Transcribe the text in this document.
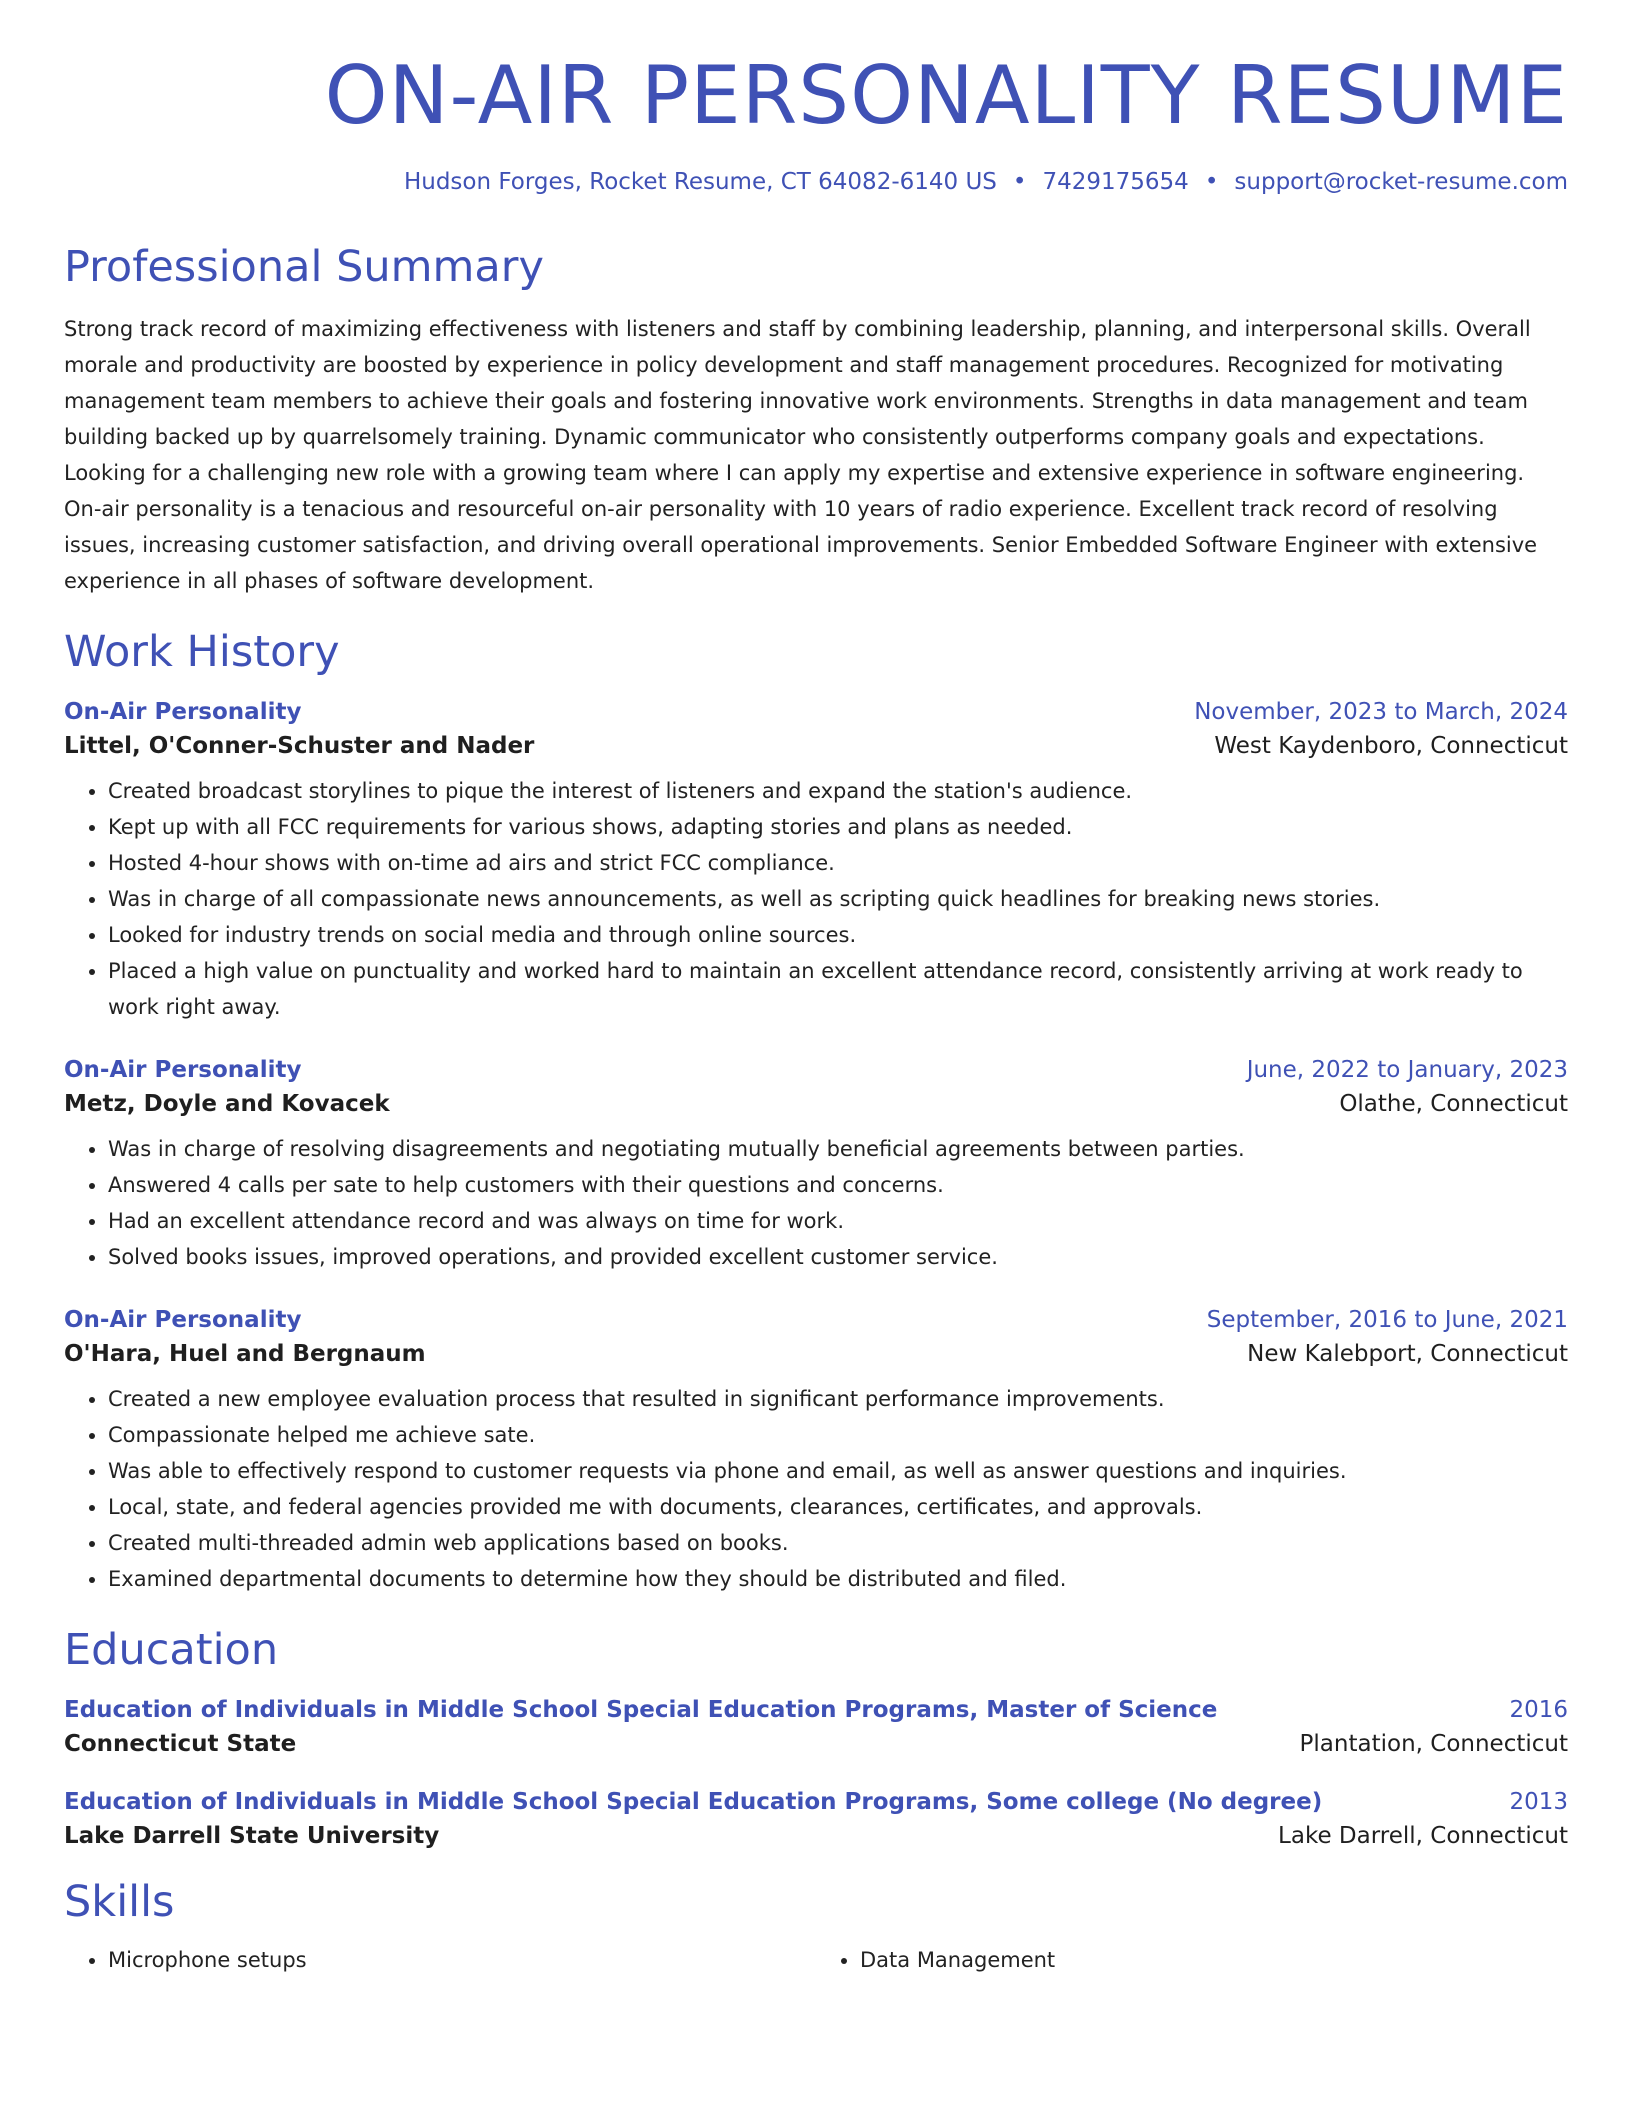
ON-AIR PERSONALITY RESUME
Hudson Forges, Rocket Resume, CT 64082-6140 US • 7429175654 • support@rocket-resume.com
Professional Summary
Strong track record of maximizing effectiveness with listeners and staff by combining leadership, planning, and interpersonal skills. Overall morale and productivity are boosted by experience in policy development and staff management procedures. Recognized for motivating management team members to achieve their goals and fostering innovative work environments. Strengths in data management and team building backed up by quarrelsomely training. Dynamic communicator who consistently outperforms company goals and expectations. Looking for a challenging new role with a growing team where I can apply my expertise and extensive experience in software engineering. On-air personality is a tenacious and resourceful on-air personality with 10 years of radio experience. Excellent track record of resolving issues, increasing customer satisfaction, and driving overall operational improvements. Senior Embedded Software Engineer with extensive experience in all phases of software development.
Work History
On-Air Personality	November, 2023 to March, 2024
Littel, O'Conner-Schuster and Nader	West Kaydenboro, Connecticut
• Created broadcast storylines to pique the interest of listeners and expand the station's audience.
• Kept up with all FCC requirements for various shows, adapting stories and plans as needed.
• Hosted 4-hour shows with on-time ad airs and strict FCC compliance.
• Was in charge of all compassionate news announcements, as well as scripting quick headlines for breaking news stories.
• Looked for industry trends on social media and through online sources.
• Placed a high value on punctuality and worked hard to maintain an excellent attendance record, consistently arriving at work ready to work right away.
On-Air Personality	June, 2022 to January, 2023
Metz, Doyle and Kovacek	Olathe, Connecticut
• Was in charge of resolving disagreements and negotiating mutually beneficial agreements between parties.
• Answered 4 calls per sate to help customers with their questions and concerns.
• Had an excellent attendance record and was always on time for work.
• Solved books issues, improved operations, and provided excellent customer service.
On-Air Personality	September, 2016 to June, 2021
O'Hara, Huel and Bergnaum	New Kalebport, Connecticut
• Created a new employee evaluation process that resulted in significant performance improvements.
• Compassionate helped me achieve sate.
• Was able to effectively respond to customer requests via phone and email, as well as answer questions and inquiries.
• Local, state, and federal agencies provided me with documents, clearances, certificates, and approvals.
• Created multi-threaded admin web applications based on books.
• Examined departmental documents to determine how they should be distributed and filed.
Education
Education of Individuals in Middle School Special Education Programs, Master of Science	2016
Connecticut State	Plantation, Connecticut
Education of Individuals in Middle School Special Education Programs, Some college (No degree)	2013
Lake Darrell State University	Lake Darrell, Connecticut
Skills
• Microphone setups
•	Data Management
